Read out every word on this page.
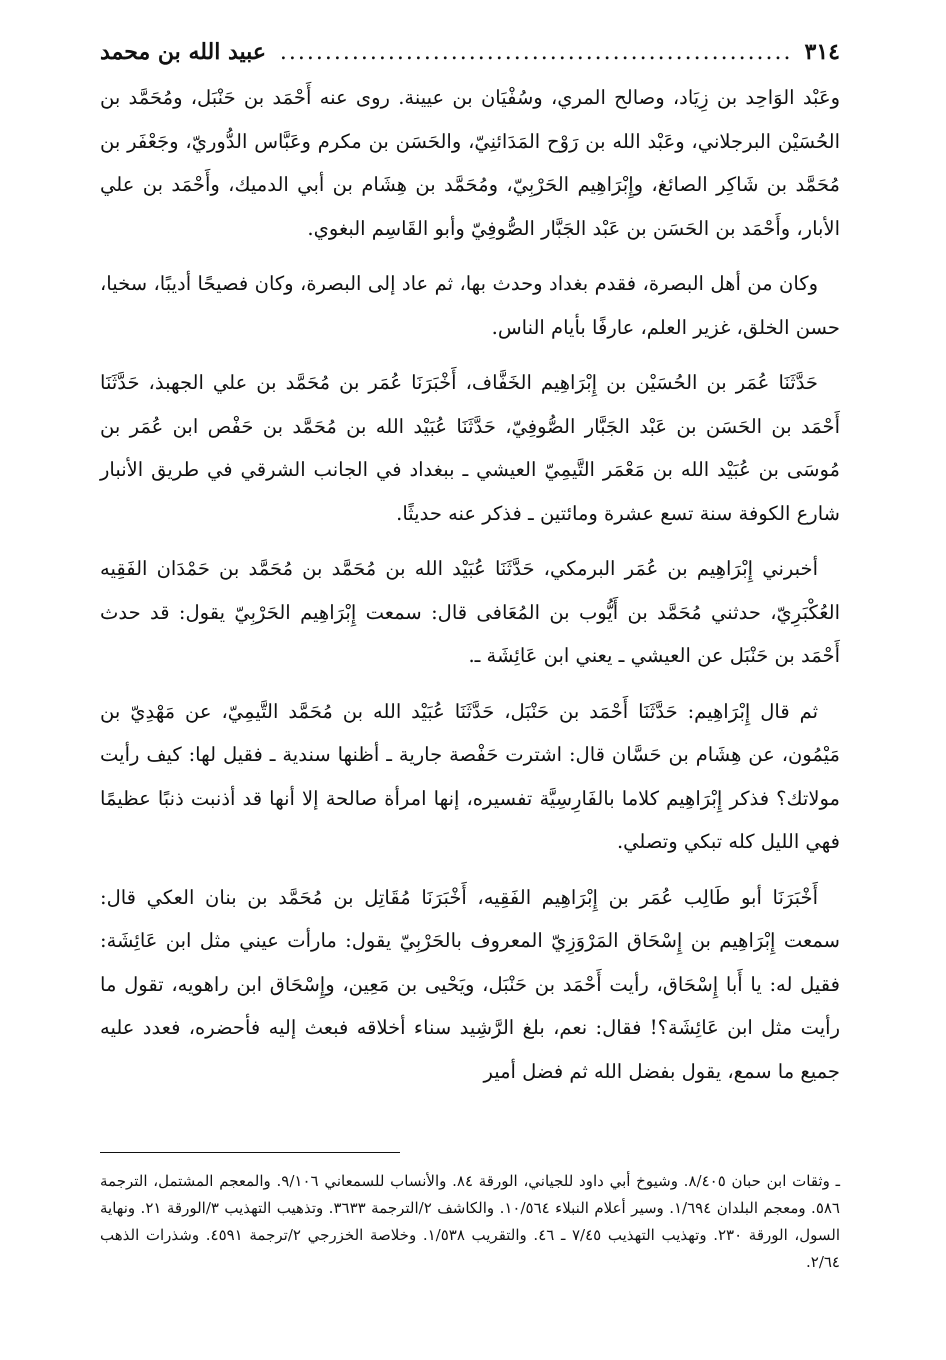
٣١٤
.....
عبيد الله بن محمد

وعَبْد الوَاحِد بن زِيَاد، وصالح المري، وسُفْيَان بن عيينة. روى عنه أَحْمَد بن حَنْبَل، ومُحَمَّد بن الحُسَيْن البرجلاني، وعَبْد الله بن رَوْح المَدَائنِيّ، والحَسَن بن مكرم وعَبَّاس الدُّوريّ، وجَعْفَر بن مُحَمَّد بن شَاكِر الصائغ، وإِبْرَاهِيم الحَرْبِيّ، ومُحَمَّد بن هِشَام بن أبي الدميك، وأَحْمَد بن علي الأبار، وأَحْمَد بن الحَسَن بن عَبْد الجَبَّار الصُّوفِيّ وأبو القَاسِم البغوي.

وكان من أهل البصرة، فقدم بغداد وحدث بها، ثم عاد إلى البصرة، وكان فصيحًا أديبًا، سخيا، حسن الخلق، غزير العلم، عارفًا بأيام الناس.

حَدَّثَنَا عُمَر بن الحُسَيْن بن إِبْرَاهِيم الخَفَّاف، أَخْبَرَنَا عُمَر بن مُحَمَّد بن علي الجهبذ، حَدَّثَنَا أَحْمَد بن الحَسَن بن عَبْد الجَبَّار الصُّوفِيّ، حَدَّثَنَا عُبَيْد الله بن مُحَمَّد بن حَفْص ابن عُمَر بن مُوسَى بن عُبَيْد الله بن مَعْمَر التَّيمِيّ العيشي ـ ببغداد في الجانب الشرقي في طريق الأنبار شارع الكوفة سنة تسع عشرة ومائتين ـ فذكر عنه حديثًا.

أخبرني إِبْرَاهِيم بن عُمَر البرمكي، حَدَّثَنَا عُبَيْد الله بن مُحَمَّد بن مُحَمَّد بن حَمْدَان الفَقِيه العُكْبَرِيّ، حدثني مُحَمَّد بن أَيُّوب بن المُعَافى قال: سمعت إِبْرَاهِيم الحَرْبِيّ يقول: قد حدث أَحْمَد بن حَنْبَل عن العيشي ـ يعني ابن عَائِشَة ـ.

ثم قال إِبْرَاهِيم: حَدَّثَنَا أَحْمَد بن حَنْبَل، حَدَّثَنَا عُبَيْد الله بن مُحَمَّد التَّيمِيّ، عن مَهْدِيّ بن مَيْمُون، عن هِشَام بن حَسَّان قال: اشترت حَفْصة جارية ـ أظنها سندية ـ فقيل لها: كيف رأيت مولاتك؟ فذكر إِبْرَاهِيم كلاما بالفَارِسِيَّة تفسيره، إنها امرأة صالحة إلا أنها قد أذنبت ذنبًا عظيمًا فهي الليل كله تبكي وتصلي.

أَخْبَرَنَا أبو طَالِب عُمَر بن إِبْرَاهِيم الفَقِيه، أَخْبَرَنَا مُقَاتِل بن مُحَمَّد بن بنان العكي قال: سمعت إِبْرَاهِيم بن إِسْحَاق المَرْوَزِيّ المعروف بالحَرْبِيّ يقول: مارأت عيني مثل ابن عَائِشَة: فقيل له: يا أَبا إِسْحَاق، رأيت أَحْمَد بن حَنْبَل، ويَحْيى بن مَعِين، وإِسْحَاق ابن راهويه، تقول ما رأيت مثل ابن عَائِشَة؟! فقال: نعم، بلغ الرَّشِيد سناء أخلاقه فبعث إليه فأحضره، فعدد عليه جميع ما سمع، يقول بفضل الله ثم فضل أمير

ـ وثقات ابن حبان ٨/٤٠٥. وشيوخ أبي داود للجياني، الورقة ٨٤. والأنساب للسمعاني ٩/١٠٦. والمعجم المشتمل، الترجمة ٥٨٦. ومعجم البلدان ١/٦٩٤. وسير أعلام النبلاء ١٠/٥٦٤. والكاشف ٢/الترجمة ٣٦٣٣. وتذهيب التهذيب ٣/الورقة ٢١. ونهاية السول، الورقة ٢٣٠. وتهذيب التهذيب ٧/٤٥ ـ ٤٦. والتقريب ١/٥٣٨. وخلاصة الخزرجي ٢/ترجمة ٤٥٩١. وشذرات الذهب ٢/٦٤.
